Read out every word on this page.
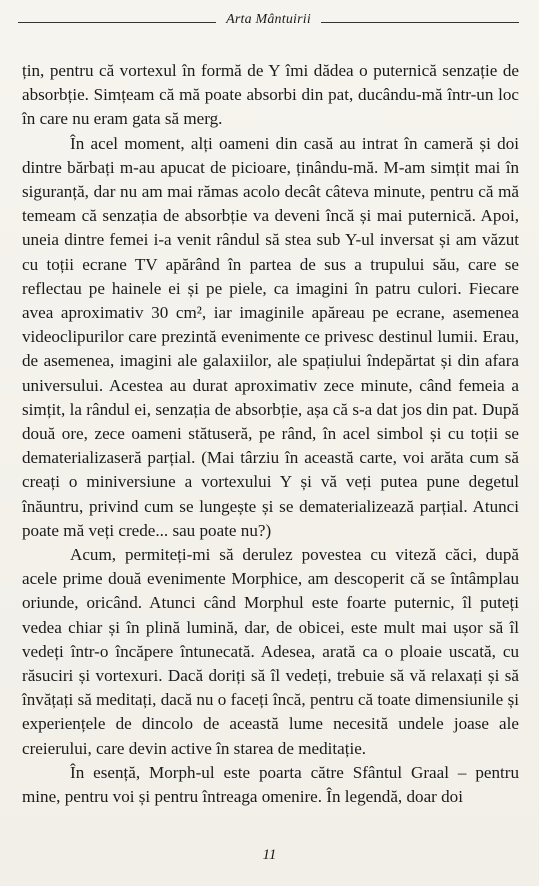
Arta Mântuirii

țin, pentru că vortexul în formă de Y îmi dădea o puternică senzație de absorbție. Simțeam că mă poate absorbi din pat, ducându-mă într-un loc în care nu eram gata să merg.

În acel moment, alți oameni din casă au intrat în cameră și doi dintre bărbați m-au apucat de picioare, ținându-mă. M-am simțit mai în siguranță, dar nu am mai rămas acolo decât câteva minute, pentru că mă temeam că senzația de absorbție va deveni încă și mai puternică. Apoi, uneia dintre femei i-a venit rândul să stea sub Y-ul inversat și am văzut cu toții ecrane TV apărând în partea de sus a trupului său, care se reflectau pe hainele ei și pe piele, ca imagini în patru culori. Fiecare avea aproximativ 30 cm², iar imaginile apăreau pe ecrane, asemenea videoclipurilor care prezintă evenimente ce privesc destinul lumii. Erau, de asemenea, imagini ale galaxiilor, ale spațiului îndepărtat și din afara universului. Acestea au durat aproximativ zece minute, când femeia a simțit, la rândul ei, senzația de absorbție, așa că s-a dat jos din pat. După două ore, zece oameni stătuseră, pe rând, în acel simbol și cu toții se dematerializaseră parțial. (Mai târziu în această carte, voi arăta cum să creați o miniversiune a vortexului Y și vă veți putea pune degetul înăuntru, privind cum se lungește și se dematerializează parțial. Atunci poate mă veți crede... sau poate nu?)

Acum, permiteți-mi să derulez povestea cu viteză căci, după acele prime două evenimente Morphice, am descoperit că se întâmplau oriunde, oricând. Atunci când Morphul este foarte puternic, îl puteți vedea chiar și în plină lumină, dar, de obicei, este mult mai ușor să îl vedeți într-o încăpere întunecată. Adesea, arată ca o ploaie uscată, cu răsuciri și vortexuri. Dacă doriți să îl vedeți, trebuie să vă relaxați și să învățați să meditați, dacă nu o faceți încă, pentru că toate dimensiunile și experiențele de dincolo de această lume necesită undele joase ale creierului, care devin active în starea de meditație.

În esență, Morph-ul este poarta către Sfântul Graal – pentru mine, pentru voi și pentru întreaga omenire. În legendă, doar doi

11
